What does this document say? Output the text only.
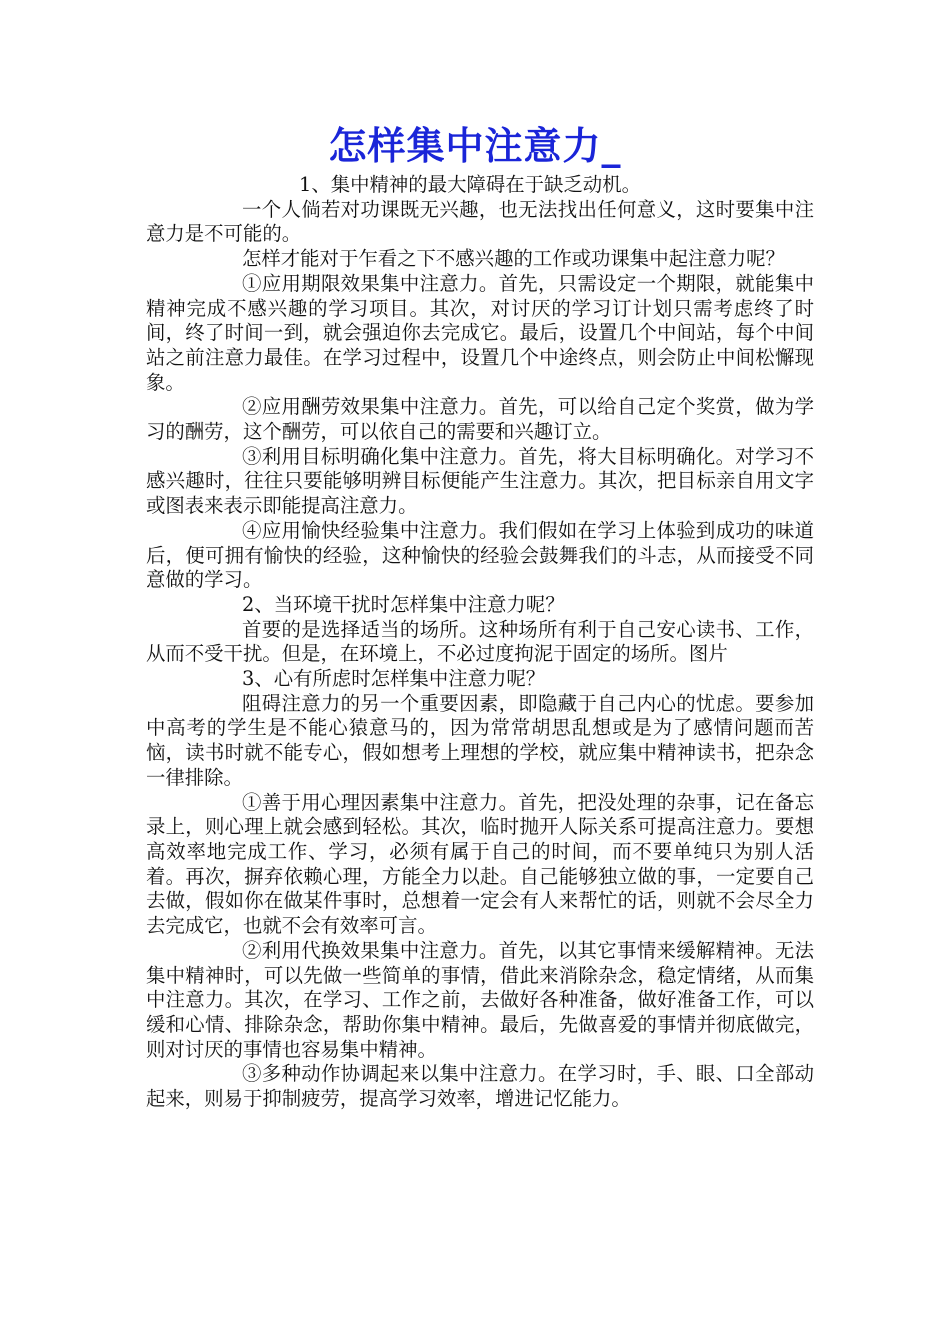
怎样集中注意力_

1、集中精神的最大障碍在于缺乏动机。

一个人倘若对功课既无兴趣，也无法找出任何意义，这时要集中注意力是不可能的。

怎样才能对于乍看之下不感兴趣的工作或功课集中起注意力呢？

①应用期限效果集中注意力。首先，只需设定一个期限，就能集中精神完成不感兴趣的学习项目。其次，对讨厌的学习订计划只需考虑终了时间，终了时间一到，就会强迫你去完成它。最后，设置几个中间站，每个中间站之前注意力最佳。在学习过程中，设置几个中途终点，则会防止中间松懈现象。

②应用酬劳效果集中注意力。首先，可以给自己定个奖赏，做为学习的酬劳，这个酬劳，可以依自己的需要和兴趣订立。

③利用目标明确化集中注意力。首先，将大目标明确化。对学习不感兴趣时，往往只要能够明辨目标便能产生注意力。其次，把目标亲自用文字或图表来表示即能提高注意力。

④应用愉快经验集中注意力。我们假如在学习上体验到成功的味道后，便可拥有愉快的经验，这种愉快的经验会鼓舞我们的斗志，从而接受不同意做的学习。

2、当环境干扰时怎样集中注意力呢？

首要的是选择适当的场所。这种场所有利于自己安心读书、工作，从而不受干扰。但是，在环境上，不必过度拘泥于固定的场所。图片

3、心有所虑时怎样集中注意力呢？

阻碍注意力的另一个重要因素，即隐藏于自己内心的忧虑。要参加中高考的学生是不能心猿意马的，因为常常胡思乱想或是为了感情问题而苦恼，读书时就不能专心，假如想考上理想的学校，就应集中精神读书，把杂念一律排除。

①善于用心理因素集中注意力。首先，把没处理的杂事，记在备忘录上，则心理上就会感到轻松。其次，临时抛开人际关系可提高注意力。要想高效率地完成工作、学习，必须有属于自己的时间，而不要单纯只为别人活着。再次，摒弃依赖心理，方能全力以赴。自己能够独立做的事，一定要自己去做，假如你在做某件事时，总想着一定会有人来帮忙的话，则就不会尽全力去完成它，也就不会有效率可言。

②利用代换效果集中注意力。首先，以其它事情来缓解精神。无法集中精神时，可以先做一些简单的事情，借此来消除杂念，稳定情绪，从而集中注意力。其次，在学习、工作之前，去做好各种准备，做好准备工作，可以缓和心情、排除杂念，帮助你集中精神。最后，先做喜爱的事情并彻底做完，则对讨厌的事情也容易集中精神。

③多种动作协调起来以集中注意力。在学习时，手、眼、口全部动起来，则易于抑制疲劳，提高学习效率，增进记忆能力。
